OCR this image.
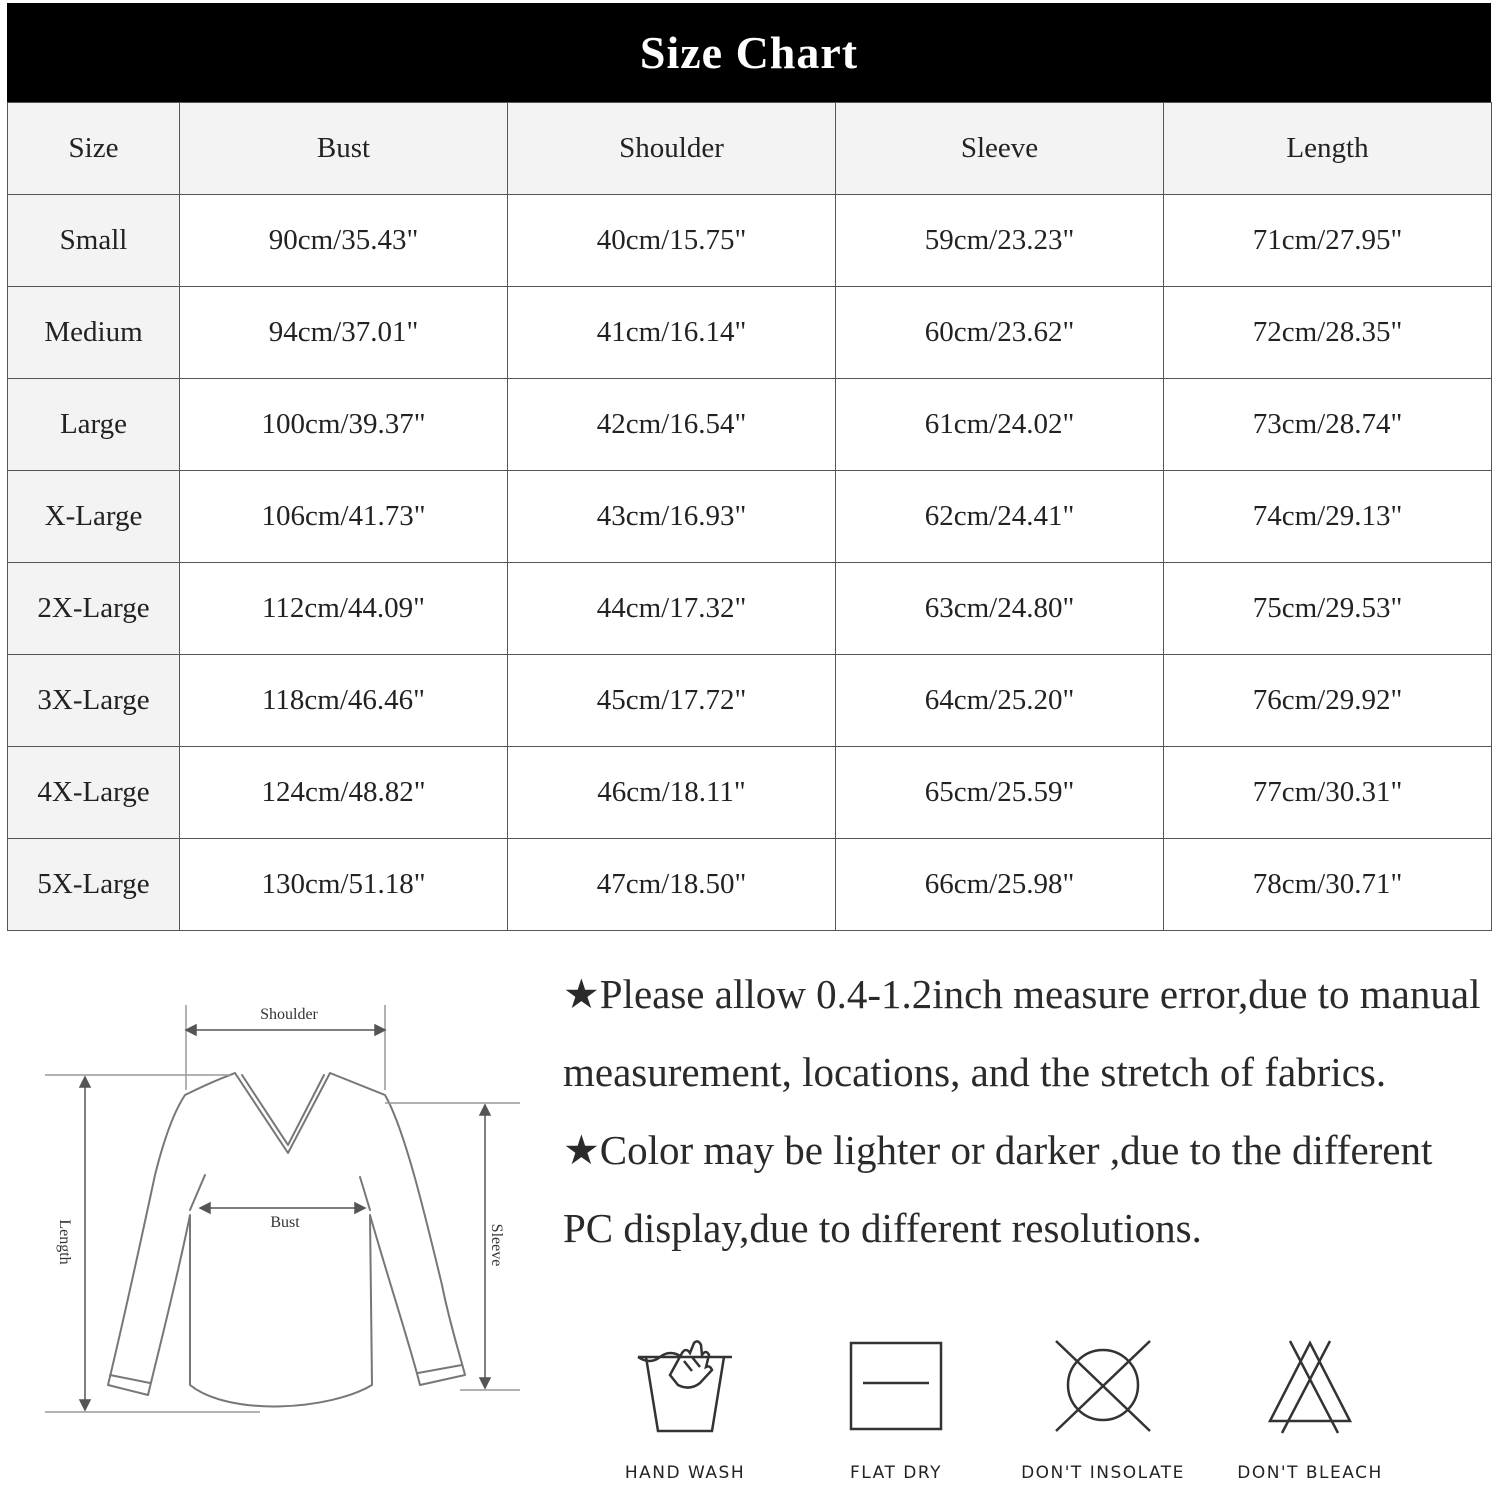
Size Chart
Size	Bust	Shoulder	Sleeve	Length
Small	90cm/35.43"	40cm/15.75"	59cm/23.23"	71cm/27.95"
Medium	94cm/37.01"	41cm/16.14"	60cm/23.62"	72cm/28.35"
Large	100cm/39.37"	42cm/16.54"	61cm/24.02"	73cm/28.74"
X-Large	106cm/41.73"	43cm/16.93"	62cm/24.41"	74cm/29.13"
2X-Large	112cm/44.09"	44cm/17.32"	63cm/24.80"	75cm/29.53"
3X-Large	118cm/46.46"	45cm/17.72"	64cm/25.20"	76cm/29.92"
4X-Large	124cm/48.82"	46cm/18.11"	65cm/25.59"	77cm/30.31"
5X-Large	130cm/51.18"	47cm/18.50"	66cm/25.98"	78cm/30.71"
Shoulder
Bust
Length	Sleeve

★Please allow 0.4-1.2inch measure error,due to manual measurement, locations, and the stretch of fabrics.

★Color may be lighter or darker ,due to the different PC display,due to different resolutions.

HAND WASH	FLAT DRY	DON'T INSOLATE	DON'T BLEACH
